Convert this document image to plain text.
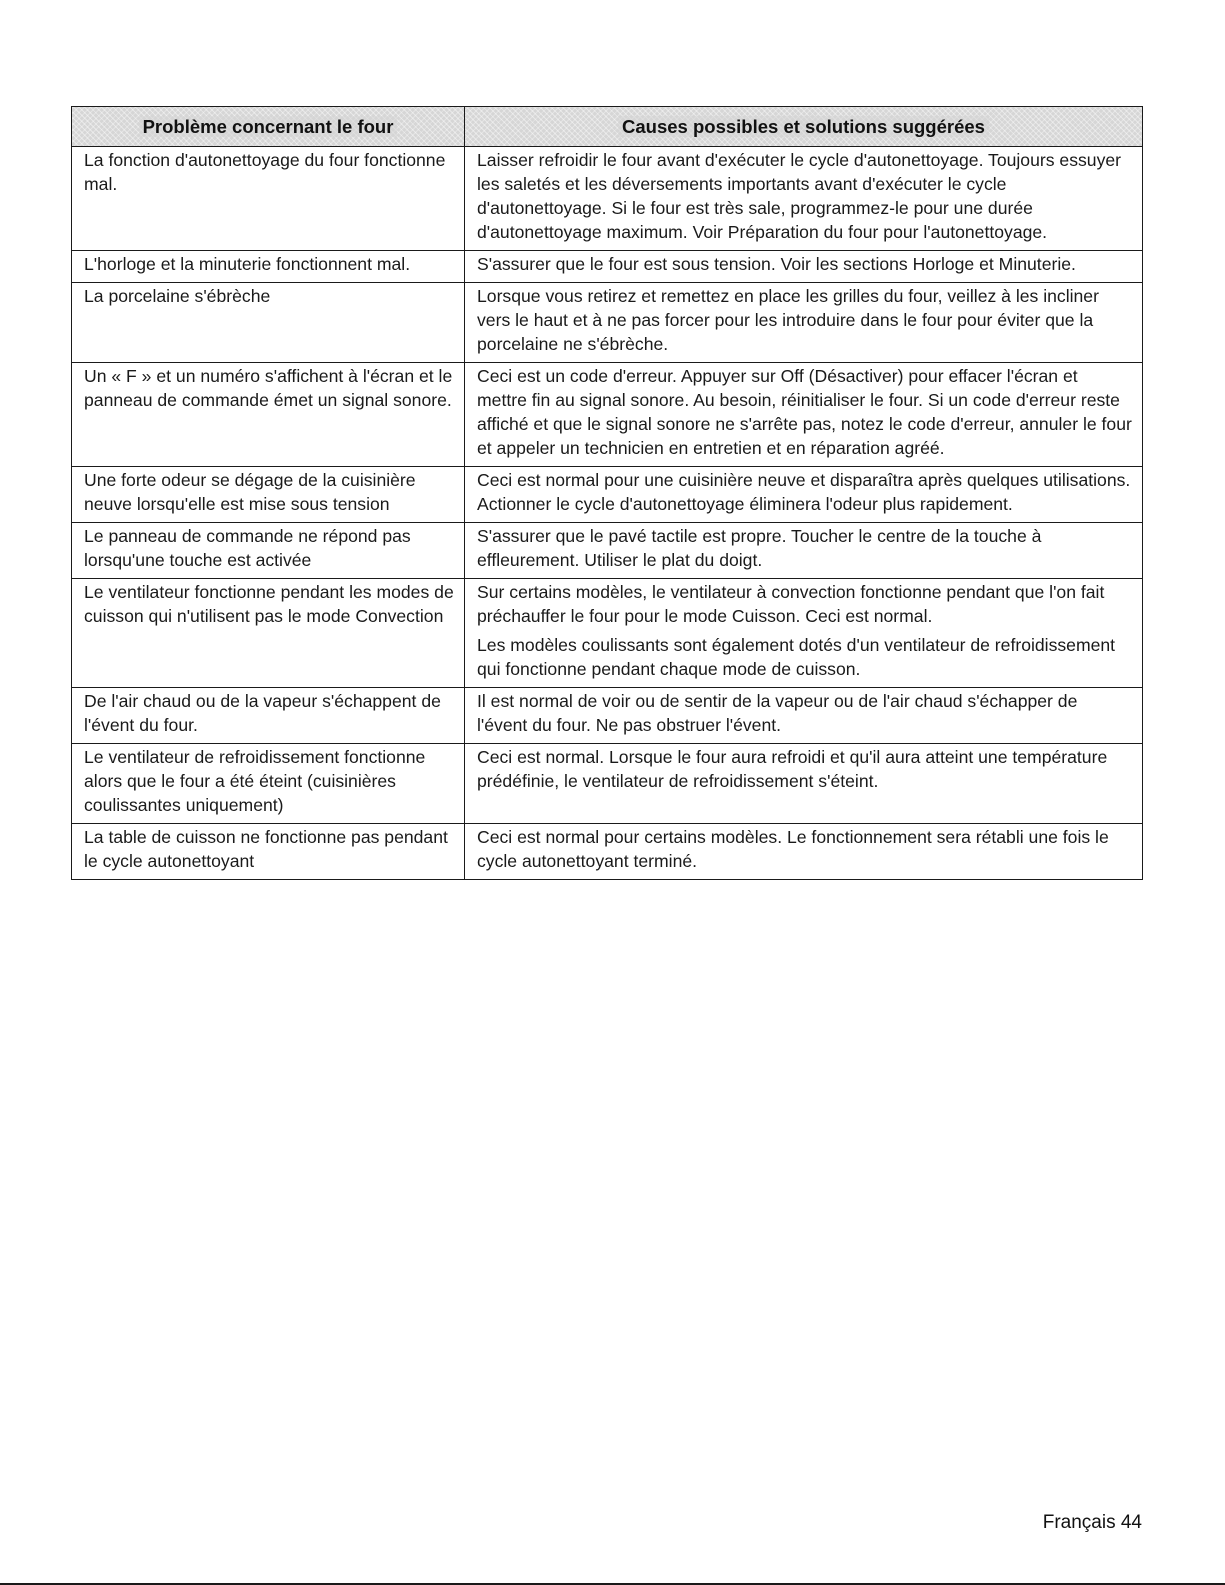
Problème concernant le four	Causes possibles et solutions suggérées
La fonction d'autonettoyage du four fonctionne mal.	Laisser refroidir le four avant d'exécuter le cycle d'autonettoyage. Toujours essuyer les saletés et les déversements importants avant d'exécuter le cycle d'autonettoyage. Si le four est très sale, programmez-le pour une durée d'autonettoyage maximum. Voir Préparation du four pour l'autonettoyage.

L'horloge et la minuterie fonctionnent mal.	S'assurer que le four est sous tension. Voir les sections Horloge et Minuterie.

La porcelaine s'ébrèche	Lorsque vous retirez et remettez en place les grilles du four, veillez à les incliner vers le haut et à ne pas forcer pour les introduire dans le four pour éviter que la porcelaine ne s'ébrèche.

Un « F » et un numéro s'affichent à l'écran et le panneau de commande émet un signal sonore.	Ceci est un code d'erreur. Appuyer sur Off (Désactiver) pour effacer l'écran et mettre fin au signal sonore. Au besoin, réinitialiser le four. Si un code d'erreur reste affiché et que le signal sonore ne s'arrête pas, notez le code d'erreur, annuler le four et appeler un technicien en entretien et en réparation agréé.

Une forte odeur se dégage de la cuisinière neuve lorsqu'elle est mise sous tension	Ceci est normal pour une cuisinière neuve et disparaîtra après quelques utilisations. Actionner le cycle d'autonettoyage éliminera l'odeur plus rapidement.

Le panneau de commande ne répond pas lorsqu'une touche est activée	S'assurer que le pavé tactile est propre. Toucher le centre de la touche à effleurement. Utiliser le plat du doigt.

Le ventilateur fonctionne pendant les modes de cuisson qui n'utilisent pas le mode Convection	Sur certains modèles, le ventilateur à convection fonctionne pendant que l'on fait préchauffer le four pour le mode Cuisson. Ceci est normal.

Les modèles coulissants sont également dotés d'un ventilateur de refroidissement qui fonctionne pendant chaque mode de cuisson.

De l'air chaud ou de la vapeur s'échappent de l'évent du four.	Il est normal de voir ou de sentir de la vapeur ou de l'air chaud s'échapper de l'évent du four. Ne pas obstruer l'évent.

Le ventilateur de refroidissement fonctionne alors que le four a été éteint (cuisinières coulissantes uniquement)	Ceci est normal. Lorsque le four aura refroidi et qu'il aura atteint une température prédéfinie, le ventilateur de refroidissement s'éteint.

La table de cuisson ne fonctionne pas pendant le cycle autonettoyant	Ceci est normal pour certains modèles. Le fonctionnement sera rétabli une fois le cycle autonettoyant terminé.

Français 44
